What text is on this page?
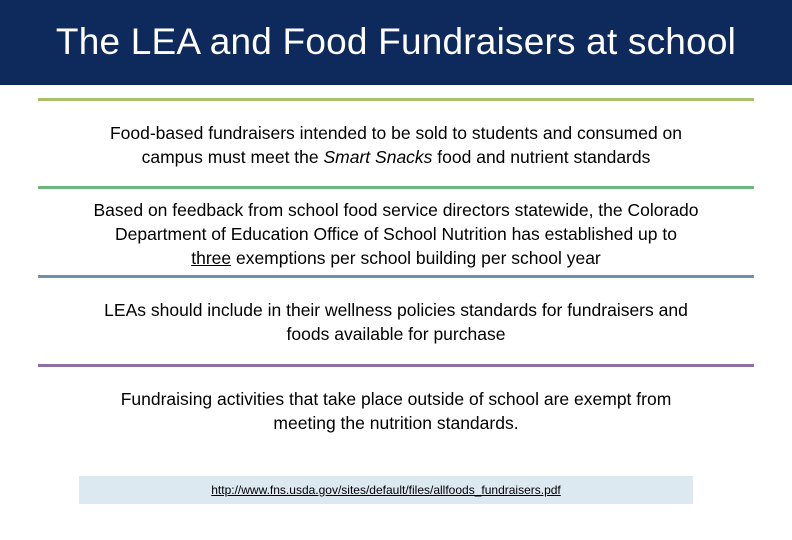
The LEA and Food Fundraisers at school
Food-based fundraisers intended to be sold to students and consumed on
campus must meet the Smart Snacks food and nutrient standards
Based on feedback from school food service directors statewide, the Colorado
Department of Education Office of School Nutrition has established up to
three exemptions per school building per school year
LEAs should include in their wellness policies standards for fundraisers and
foods available for purchase
Fundraising activities that take place outside of school are exempt from
meeting the nutrition standards.
http://www.fns.usda.gov/sites/default/files/allfoods_fundraisers.pdf
